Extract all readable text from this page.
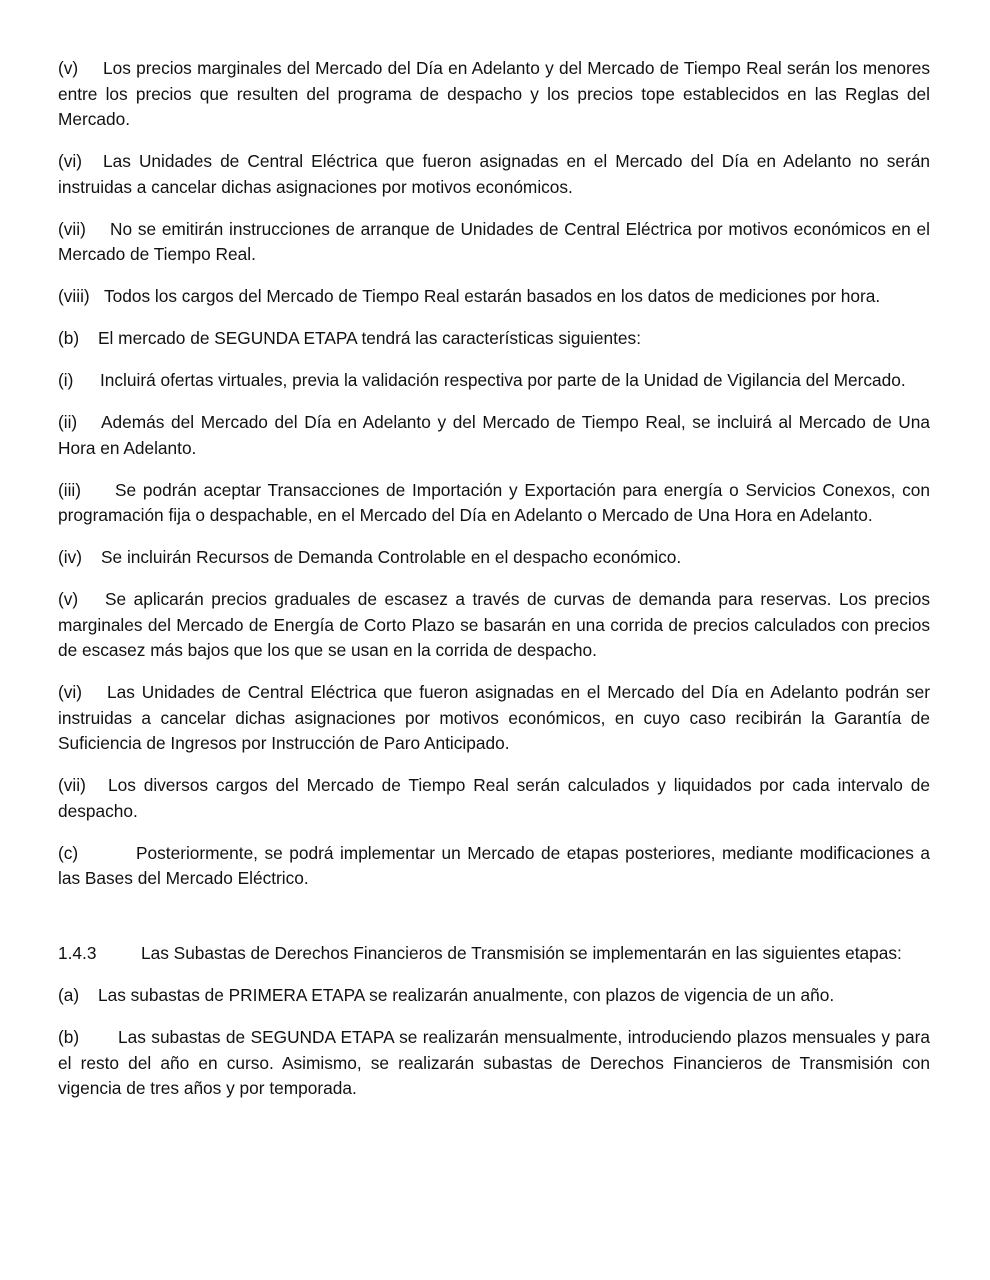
(v) Los precios marginales del Mercado del Día en Adelanto y del Mercado de Tiempo Real serán los menores entre los precios que resulten del programa de despacho y los precios tope establecidos en las Reglas del Mercado.

(vi) Las Unidades de Central Eléctrica que fueron asignadas en el Mercado del Día en Adelanto no serán instruidas a cancelar dichas asignaciones por motivos económicos.

(vii) No se emitirán instrucciones de arranque de Unidades de Central Eléctrica por motivos económicos en el Mercado de Tiempo Real.

(viii) Todos los cargos del Mercado de Tiempo Real estarán basados en los datos de mediciones por hora.

(b) El mercado de SEGUNDA ETAPA tendrá las características siguientes:

(i) Incluirá ofertas virtuales, previa la validación respectiva por parte de la Unidad de Vigilancia del Mercado.

(ii) Además del Mercado del Día en Adelanto y del Mercado de Tiempo Real, se incluirá al Mercado de Una Hora en Adelanto.

(iii) Se podrán aceptar Transacciones de Importación y Exportación para energía o Servicios Conexos, con programación fija o despachable, en el Mercado del Día en Adelanto o Mercado de Una Hora en Adelanto.

(iv) Se incluirán Recursos de Demanda Controlable en el despacho económico.

(v) Se aplicarán precios graduales de escasez a través de curvas de demanda para reservas. Los precios marginales del Mercado de Energía de Corto Plazo se basarán en una corrida de precios calculados con precios de escasez más bajos que los que se usan en la corrida de despacho.

(vi) Las Unidades de Central Eléctrica que fueron asignadas en el Mercado del Día en Adelanto podrán ser instruidas a cancelar dichas asignaciones por motivos económicos, en cuyo caso recibirán la Garantía de Suficiencia de Ingresos por Instrucción de Paro Anticipado.

(vii) Los diversos cargos del Mercado de Tiempo Real serán calculados y liquidados por cada intervalo de despacho.

(c)	Posteriormente, se podrá implementar un Mercado de etapas posteriores, mediante modificaciones a las Bases del Mercado Eléctrico.

1.4.3	Las Subastas de Derechos Financieros de Transmisión se implementarán en las siguientes etapas:

(a) Las subastas de PRIMERA ETAPA se realizarán anualmente, con plazos de vigencia de un año.

(b) Las subastas de SEGUNDA ETAPA se realizarán mensualmente, introduciendo plazos mensuales y para el resto del año en curso. Asimismo, se realizarán subastas de Derechos Financieros de Transmisión con vigencia de tres años y por temporada.
